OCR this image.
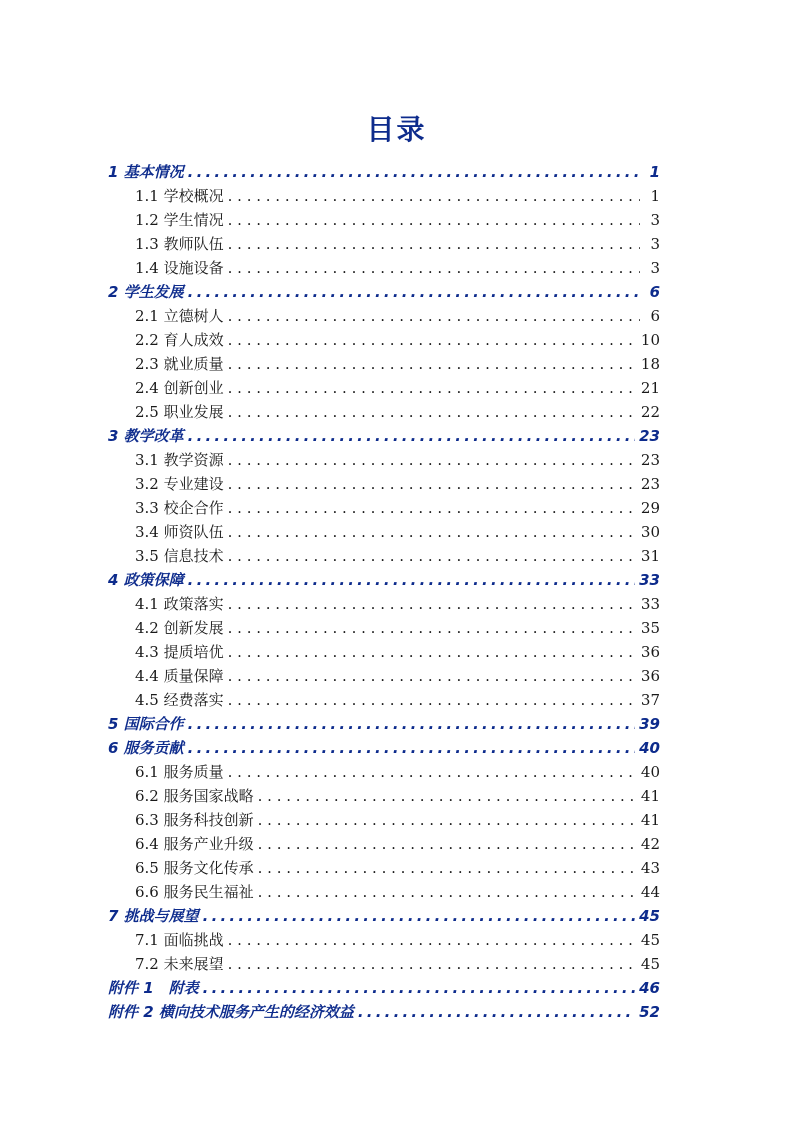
目录
1 基本情况 . . .	1
1.1 学校概况 . . .	1
1.2 学生情况 . . .	3
1.3 教师队伍 . . .	3
1.4 设施设备 . . .	3
2 学生发展 . . .	6
2.1 立德树人 . . .	6
2.2 育人成效 . . .	10
2.3 就业质量 . . .	18
2.4 创新创业 . . .	21
2.5 职业发展 . . .	22
3 教学改革 . . .	23
3.1 教学资源 . . .	23
3.2 专业建设 . . .	23
3.3 校企合作 . . .	29
3.4 师资队伍 . . .	30
3.5 信息技术 . . .	31
4 政策保障 . . .	33
4.1 政策落实 . . .	33
4.2 创新发展 . . .	35
4.3 提质培优 . . .	36
4.4 质量保障 . . .	36
4.5 经费落实 . . .	37
5 国际合作 . . .	39
6 服务贡献 . . .	40
6.1 服务质量 . . .	40
6.2 服务国家战略 . . .	41
6.3 服务科技创新 . . .	41
6.4 服务产业升级 . . .	42
6.5 服务文化传承 . . .	43
6.6 服务民生福祉 . . .	44
7 挑战与展望 . . .	45
7.1 面临挑战 . . .	45
7.2 未来展望 . . .	45
附件 1　附表 . . .	46
附件 2 横向技术服务产生的经济效益 . . .	52
